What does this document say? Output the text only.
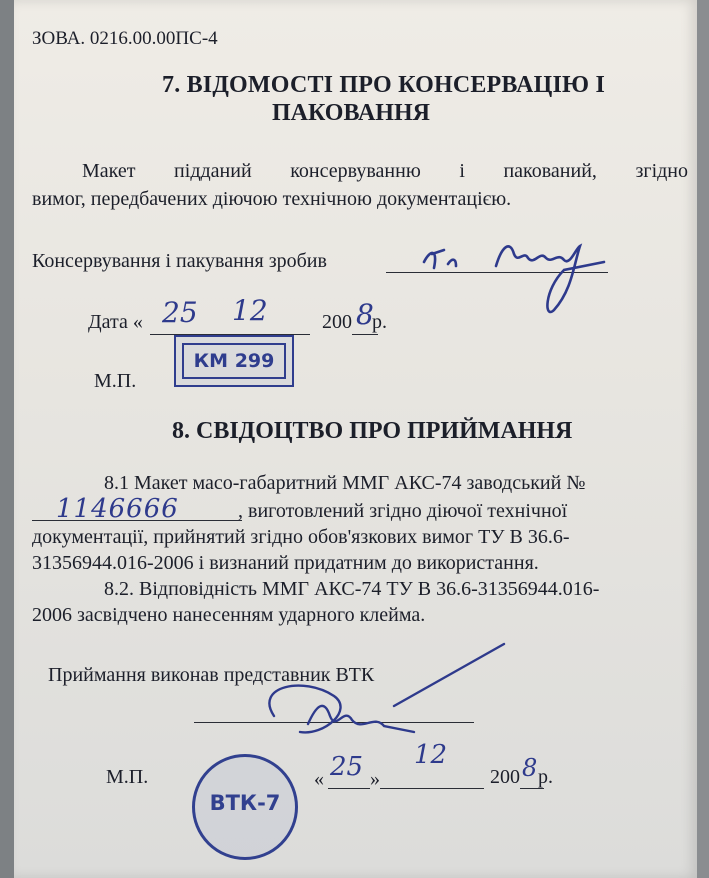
ЗОВА. 0216.00.00ПС-4
7. ВІДОМОСТІ ПРО КОНСЕРВАЦІЮ І
ПАКОВАННЯ
Макет підданий консервуванню і пакований, згідно
вимог, передбачених діючою технічною документацією.
Консервування і пакування зробив
Дата « 25 12	200 8
р.
М.П.
КМ 299
8. СВІДОЦТВО ПРО ПРИЙМАННЯ
8.1 Макет масо-габаритний ММГ АКС-74 заводський №
1146666	, виготовлений згідно діючої технічної
документації, прийнятий згідно обов'язкових вимог ТУ В 36.6-
31356944.016-2006 і визнаний придатним до використання.
8.2. Відповідність ММГ АКС-74 ТУ В 36.6-31356944.016-
2006 засвідчено нанесенням ударного клейма.
Приймання виконав представник ВТК
М.П.
ВТК-7
« 25 »
12
200 8 р.
